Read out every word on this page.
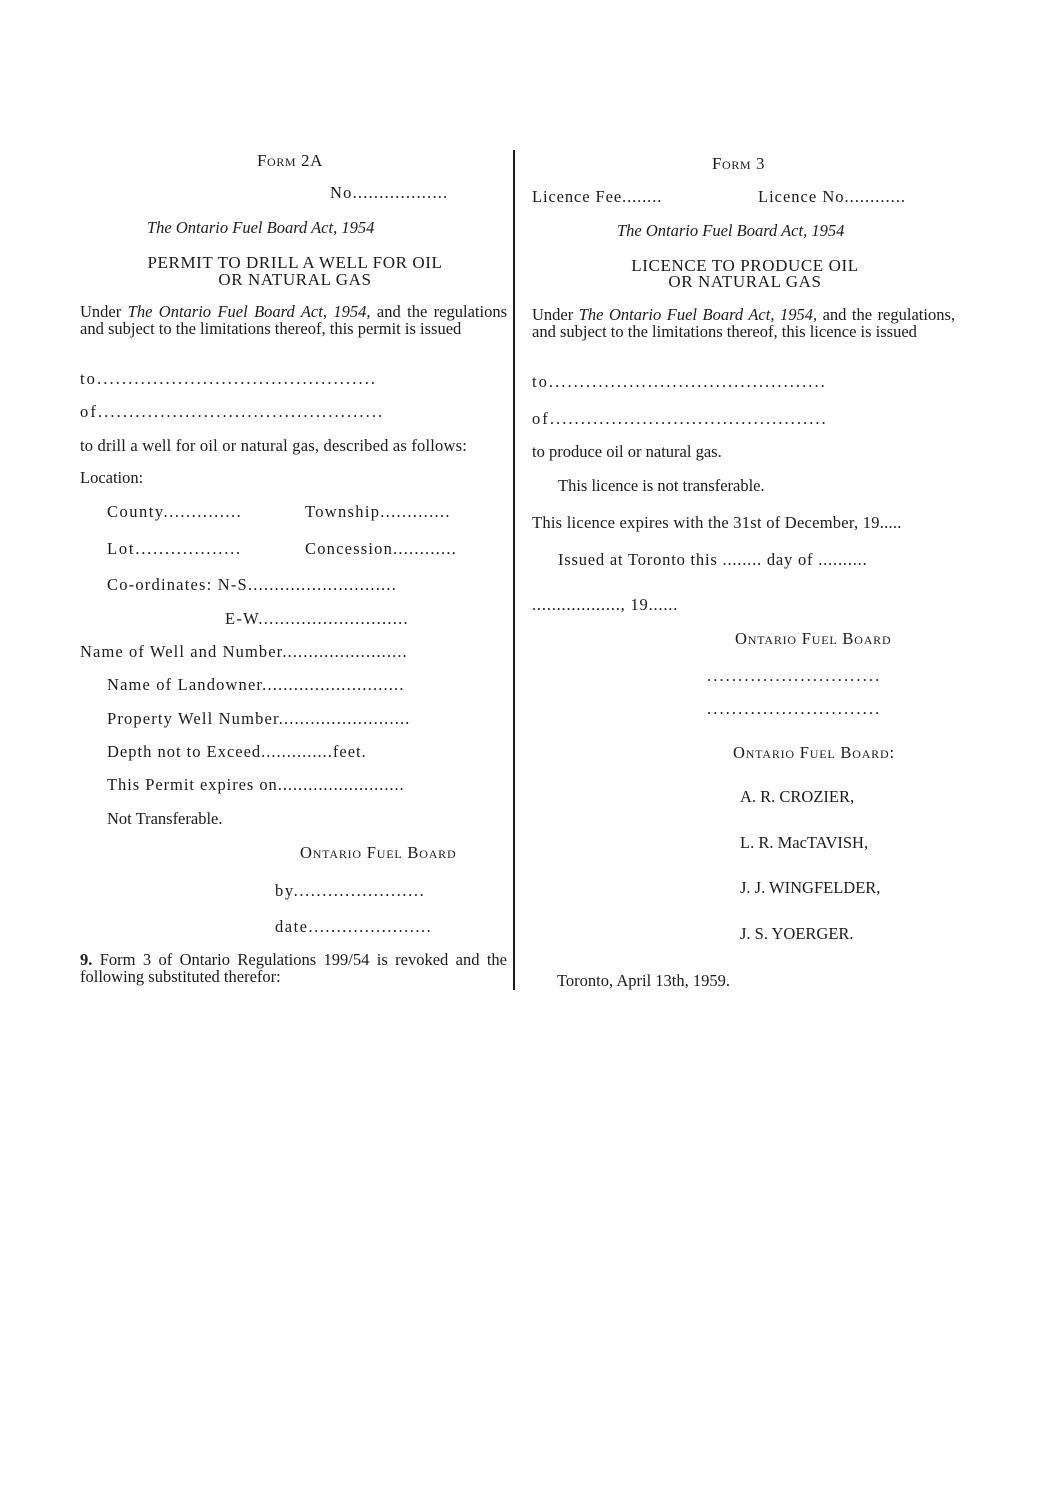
Form 2A
No..................
The Ontario Fuel Board Act, 1954
PERMIT TO DRILL A WELL FOR OIL
OR NATURAL GAS
Under The Ontario Fuel Board Act, 1954, and the regulations and subject to the limitations thereof, this permit is issued
to.............................................
of..............................................
to drill a well for oil or natural gas, described as follows:
Location:
County..............	Township.............
Lot..................	Concession............
Co-ordinates: N-S............................
E-W............................
Name of Well and Number........................
Name of Landowner...........................
Property Well Number.........................
Depth not to Exceed..............feet.
This Permit expires on.........................
Not Transferable.
Ontario Fuel Board
by.......................
date......................
9. Form 3 of Ontario Regulations 199/54 is revoked and the following substituted therefor:
Form 3
Licence Fee........	Licence No............
The Ontario Fuel Board Act, 1954
LICENCE TO PRODUCE OIL
OR NATURAL GAS
Under The Ontario Fuel Board Act, 1954, and the regulations, and subject to the limitations thereof, this licence is issued
to.............................................
of.............................................
to produce oil or natural gas.
This licence is not transferable.
This licence expires with the 31st of December, 19.....
Issued at Toronto this ........ day of ..........
.................., 19......
Ontario Fuel Board
............................
............................
Ontario Fuel Board:
A. R. CROZIER,
L. R. MacTAVISH,
J. J. WINGFELDER,
J. S. YOERGER.
Toronto, April 13th, 1959.
